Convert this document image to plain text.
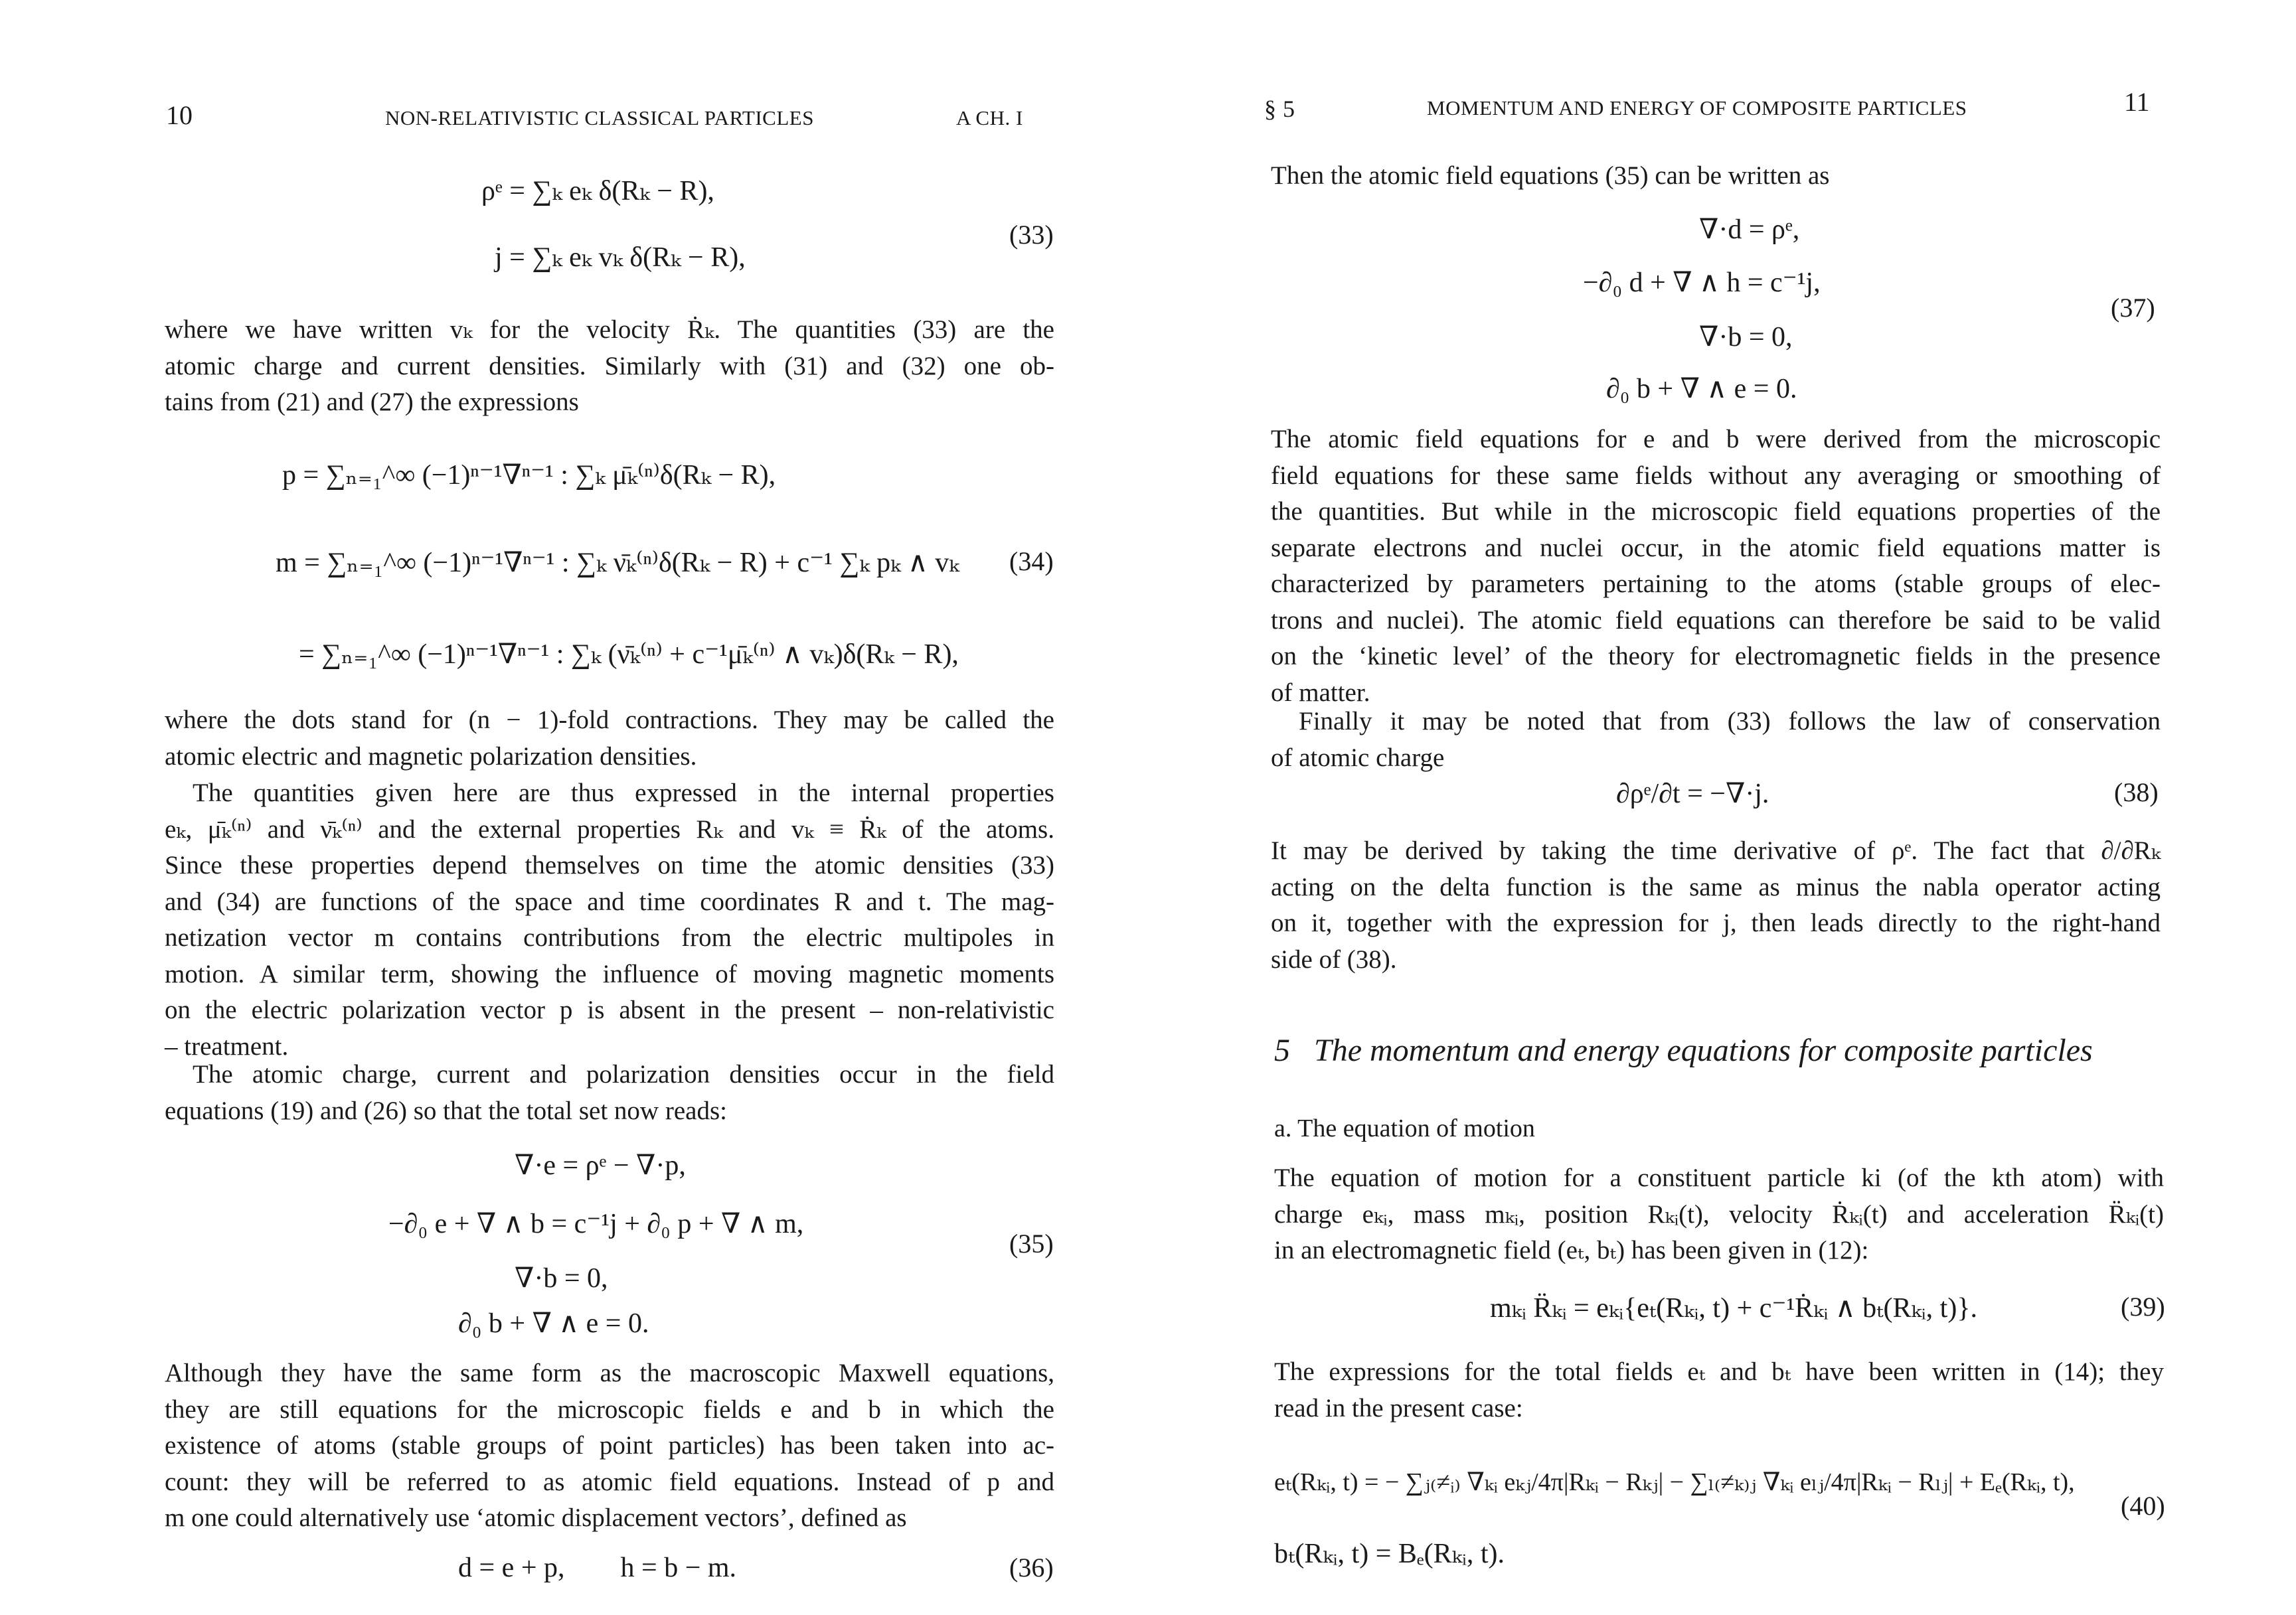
10	NON-RELATIVISTIC CLASSICAL PARTICLES	A CH. I
ρᵉ = ∑ₖ eₖ δ(Rₖ − R),
j = ∑ₖ eₖ vₖ δ(Rₖ − R),
(33)
where we have written vₖ for the velocity Ṙₖ. The quantities (33) are the
atomic charge and current densities. Similarly with (31) and (32) one ob-
tains from (21) and (27) the expressions
p = ∑ₙ₌₁^∞ (−1)ⁿ⁻¹∇ⁿ⁻¹ : ∑ₖ μ̄ₖ⁽ⁿ⁾δ(Rₖ − R),
m = ∑ₙ₌₁^∞ (−1)ⁿ⁻¹∇ⁿ⁻¹ : ∑ₖ ν̄ₖ⁽ⁿ⁾δ(Rₖ − R) + c⁻¹ ∑ₖ pₖ ∧ vₖ
= ∑ₙ₌₁^∞ (−1)ⁿ⁻¹∇ⁿ⁻¹ : ∑ₖ (ν̄ₖ⁽ⁿ⁾ + c⁻¹μ̄ₖ⁽ⁿ⁾ ∧ vₖ)δ(Rₖ − R),
(34)
where the dots stand for (n − 1)-fold contractions. They may be called the
atomic electric and magnetic polarization densities.
The quantities given here are thus expressed in the internal properties
eₖ, μ̄ₖ⁽ⁿ⁾ and ν̄ₖ⁽ⁿ⁾ and the external properties Rₖ and vₖ ≡ Ṙₖ of the atoms.
Since these properties depend themselves on time the atomic densities (33)
and (34) are functions of the space and time coordinates R and t. The mag-
netization vector m contains contributions from the electric multipoles in
motion. A similar term, showing the influence of moving magnetic moments
on the electric polarization vector p is absent in the present – non-relativistic
– treatment.
The atomic charge, current and polarization densities occur in the field
equations (19) and (26) so that the total set now reads:
∇·e = ρᵉ − ∇·p,
−∂₀ e + ∇ ∧ b = c⁻¹j + ∂₀ p + ∇ ∧ m,
∇·b = 0,
∂₀ b + ∇ ∧ e = 0.
(35)
Although they have the same form as the macroscopic Maxwell equations,
they are still equations for the microscopic fields e and b in which the
existence of atoms (stable groups of point particles) has been taken into ac-
count: they will be referred to as atomic field equations. Instead of p and
m one could alternatively use ‘atomic displacement vectors’, defined as
d = e + p,        h = b − m.	(36)
§ 5	MOMENTUM AND ENERGY OF COMPOSITE PARTICLES	11
Then the atomic field equations (35) can be written as
∇·d = ρᵉ,
−∂₀ d + ∇ ∧ h = c⁻¹j,
∇·b = 0,
∂₀ b + ∇ ∧ e = 0.
(37)
The atomic field equations for e and b were derived from the microscopic
field equations for these same fields without any averaging or smoothing of
the quantities. But while in the microscopic field equations properties of the
separate electrons and nuclei occur, in the atomic field equations matter is
characterized by parameters pertaining to the atoms (stable groups of elec-
trons and nuclei). The atomic field equations can therefore be said to be valid
on the ‘kinetic level’ of the theory for electromagnetic fields in the presence
of matter.
Finally it may be noted that from (33) follows the law of conservation
of atomic charge
∂ρᵉ/∂t = −∇·j.	(38)
It may be derived by taking the time derivative of ρᵉ. The fact that ∂/∂Rₖ
acting on the delta function is the same as minus the nabla operator acting
on it, together with the expression for j, then leads directly to the right-hand
side of (38).
5   The momentum and energy equations for composite particles
a. The equation of motion
The equation of motion for a constituent particle ki (of the kth atom) with
charge eₖᵢ, mass mₖᵢ, position Rₖᵢ(t), velocity Ṙₖᵢ(t) and acceleration R̈ₖᵢ(t)
in an electromagnetic field (eₜ, bₜ) has been given in (12):
mₖᵢ R̈ₖᵢ = eₖᵢ{eₜ(Rₖᵢ, t) + c⁻¹Ṙₖᵢ ∧ bₜ(Rₖᵢ, t)}.	(39)
The expressions for the total fields eₜ and bₜ have been written in (14); they
read in the present case:
eₜ(Rₖᵢ, t) = − ∑ⱼ₍≠ᵢ₎ ∇ₖᵢ eₖⱼ/4π|Rₖᵢ − Rₖⱼ| − ∑ₗ₍≠ₖ₎ⱼ ∇ₖᵢ eₗⱼ/4π|Rₖᵢ − Rₗⱼ| + Eₑ(Rₖᵢ, t),
bₜ(Rₖᵢ, t) = Bₑ(Rₖᵢ, t).
(40)
